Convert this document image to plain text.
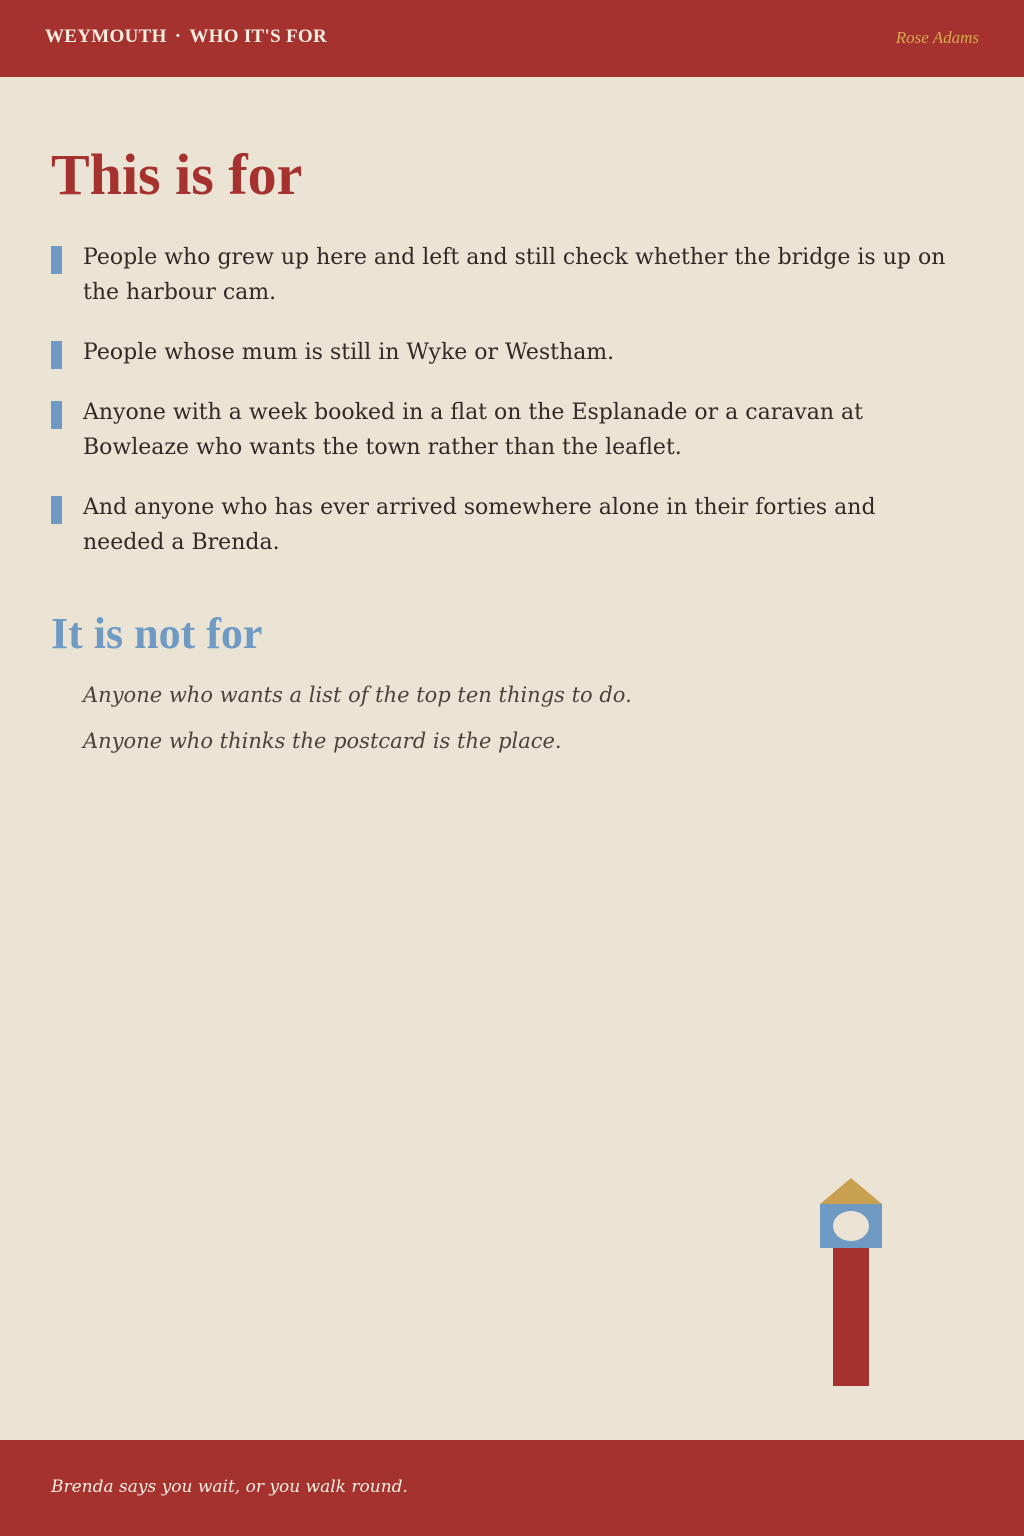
WEYMOUTH · WHO IT'S FOR	Rose Adams
This is for
People who grew up here and left and still check whether the bridge is up on the harbour cam.
People whose mum is still in Wyke or Westham.
Anyone with a week booked in a flat on the Esplanade or a caravan at Bowleaze who wants the town rather than the leaflet.
And anyone who has ever arrived somewhere alone in their forties and needed a Brenda.
It is not for
Anyone who wants a list of the top ten things to do.
Anyone who thinks the postcard is the place.
Brenda says you wait, or you walk round.
